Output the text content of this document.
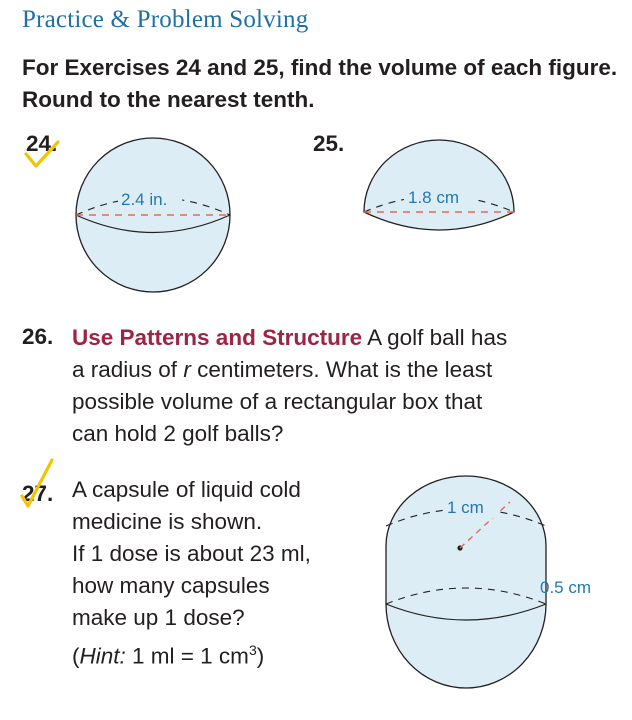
Practice & Problem Solving
For Exercises 24 and 25, find the volume of each figure. Round to the nearest tenth.
24.
2.4 in.
25.
1.8 cm
26. Use Patterns and Structure A golf ball has
a radius of r centimeters. What is the least
possible volume of a rectangular box that
can hold 2 golf balls?
27. A capsule of liquid cold
medicine is shown.
If 1 dose is about 23 ml,
how many capsules
make up 1 dose?
(Hint: 1 ml = 1 $cm^3$)
1 cm
0.5 cm
